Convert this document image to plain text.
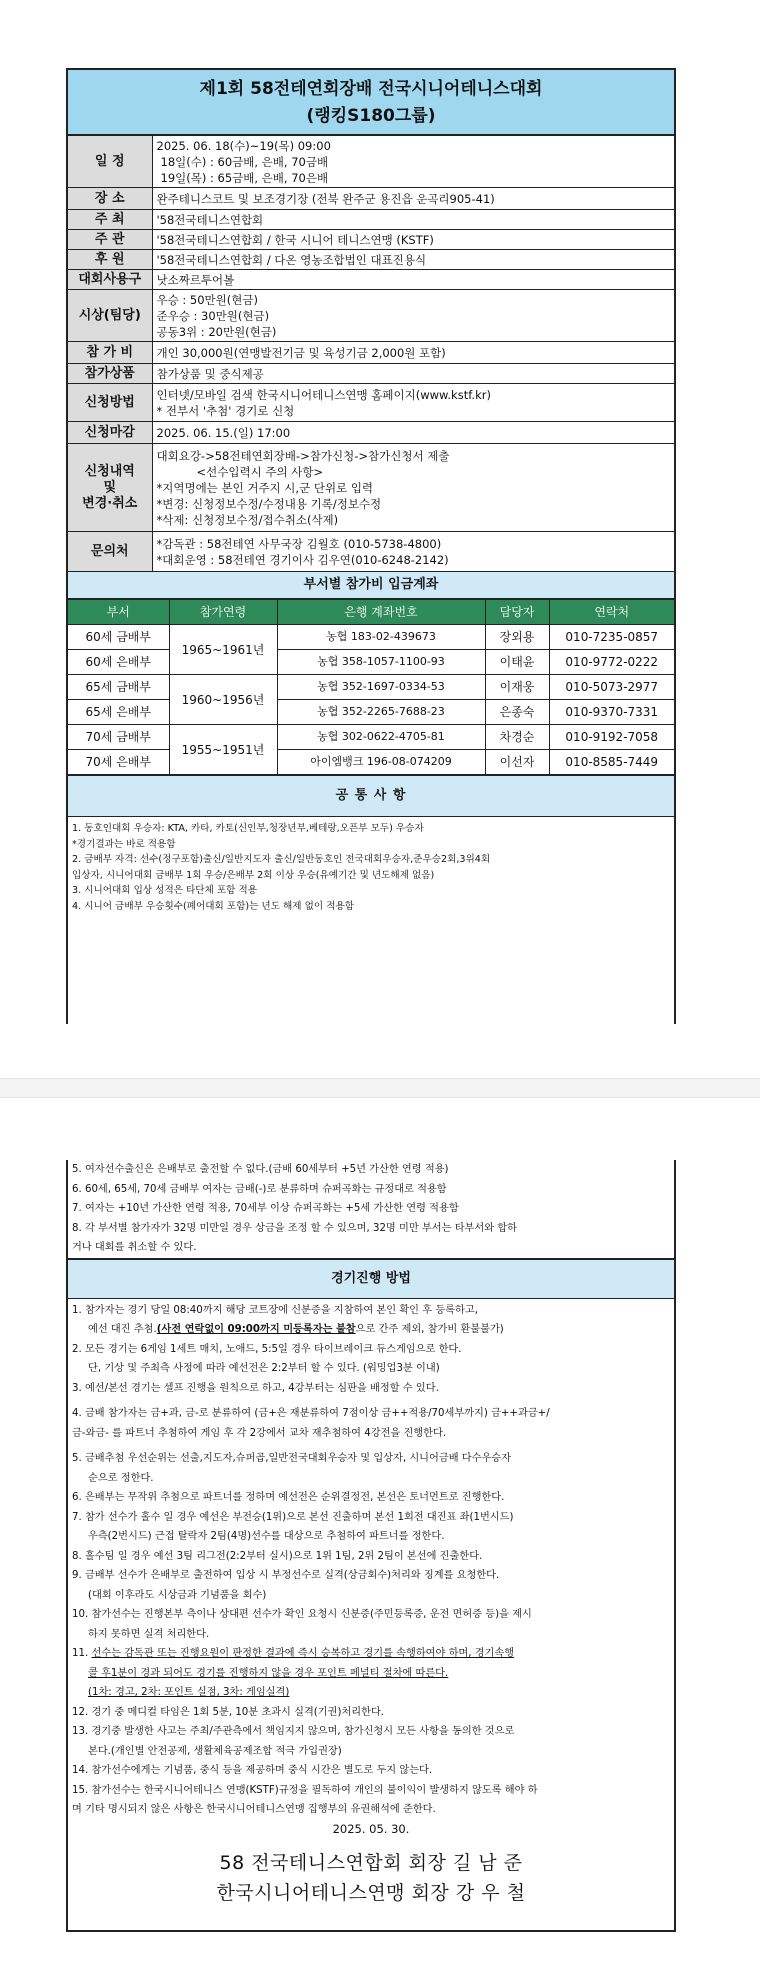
제1회 58전테연회장배 전국시니어테니스대회
(랭킹S180그룹)
일 정	2025. 06. 18(수)~19(목) 09:00
18일(수) : 60금배, 은배, 70금배
19일(목) : 65금배, 은배, 70은배

장 소	완주테니스코트 및 보조경기장 (전북 완주군 용진읍 운곡리905-41)

주 최	'58전국테니스연합회

주 관	'58전국테니스연합회 / 한국 시니어 테니스연맹 (KSTF)

후 원	'58전국테니스연합회 / 다온 영농조합법인 대표진용식

대회사용구	낫소짜르투어볼

시상(팀당)	우승 : 50만원(현금)
준우승 : 30만원(현금)
공동3위 : 20만원(현금)

참 가 비	개인 30,000원(연맹발전기금 및 육성기금 2,000원 포함)

참가상품	참가상품 및 중식제공

신청방법	인터넷/모바일 검색 한국시니어테니스연맹 홈페이지(www.kstf.kr)
* 전부서 '추첨' 경기로 신청

신청마감	2025. 06. 15.(일) 17:00

신청내역
및
변경·취소	대회요강->58전테연회장배->참가신청->참가신청서 제출
<선수입력시 주의 사항>
*지역명에는 본인 거주지 시,군 단위로 입력
*변경: 신청정보수정/수정내용 기록/정보수정
*삭제: 신청정보수정/접수취소(삭제)

문의처	*감독관 : 58전테연 사무국장 김월호 (010-5738-4800)
*대회운영 : 58전테연 경기이사 김우연(010-6248-2142)
부서별 참가비 입금계좌
부서	참가연령	은행 계좌번호	담당자	연락처
60세 금배부	1965~1961년	농협 183-02-439673	장외용	010-7235-0857
60세 은배부		농협 358-1057-1100-93	이태윤	010-9772-0222
65세 금배부	1960~1956년	농협 352-1697-0334-53	이재웅	010-5073-2977
65세 은배부		농협 352-2265-7688-23	은종숙	010-9370-7331
70세 금배부	1955~1951년	농협 302-0622-4705-81	차경순	010-9192-7058
70세 은배부		아이엠뱅크 196-08-074209	이선자	010-8585-7449
공 통 사 항
1. 동호인대회 우승자: KTA, 카타, 카토(신인부,청장년부,베테랑,오픈부 모두) 우승자
*경기결과는 바로 적용함
2. 금배부 자격: 선수(정구포함)출신/일반지도자 출신/일반동호인 전국대회우승자,준우승2회,3위4회
입상자, 시니어대회 금배부 1회 우승/은배부 2회 이상 우승(유예기간 및 년도해제 없음)
3. 시니어대회 입상 성적은 타단체 포함 적용
4. 시니어 금배부 우승횟수(폐어대회 포함)는 년도 해제 없이 적용함
5. 여자선수출신은 은배부로 출전할 수 없다.(금배 60세부터 +5년 가산한 연령 적용)
6. 60세, 65세, 70세 금배부 여자는 금배(-)로 분류하며 슈퍼곡화는 규정대로 적용함
7. 여자는 +10년 가산한 연령 적용, 70세부 이상 슈퍼곡화는 +5세 가산한 연령 적용함
8. 각 부서별 참가자가 32명 미만일 경우 상금을 조정 할 수 있으며, 32명 미만 부서는 타부서와 합하
거나 대회를 취소할 수 있다.
경기진행 방법
1. 참가자는 경기 당일 08:40까지 해당 코트장에 신분증을 지참하여 본인 확인 후 등록하고,
예선 대진 추첨.(사전 연락없이 09:00까지 미등록자는 불참으로 간주 제외, 참가비 환불불가)
2. 모든 경기는 6게임 1세트 매치, 노애드, 5:5일 경우 타이브레이크 듀스게임으로 한다.
단, 기상 및 주최측 사정에 따라 예선전은 2:2부터 할 수 있다. (워밍업3분 이내)
3. 예선/본선 경기는 셀프 진행을 원칙으로 하고, 4강부터는 심판을 배정할 수 있다.
4. 금배 참가자는 금+과, 금-로 분류하여 (금+은 재분류하여 7점이상 금++적용/70세부까지) 금++과금+/
금-와금- 를 파트너 추첨하여 게임 후 각 2강에서 교차 재추첨하여 4강전을 진행한다.
5. 금배추첨 우선순위는 선출,지도자,슈퍼곱,일반전국대회우승자 및 입상자, 시니어금배 다수우승자
순으로 정한다.
6. 은배부는 무작위 추첨으로 파트너를 정하며 예선전은 순위결정전, 본선은 토너먼트로 진행한다.
7. 참가 선수가 홀수 일 경우 예선은 부전승(1위)으로 본선 진출하며 본선 1회전 대진표 좌(1번시드)
우측(2번시드) 근접 탈락자 2팀(4명)선수를 대상으로 추첨하여 파트너를 정한다.
8. 홀수팀 일 경우 예선 3팀 리그전(2:2부터 실시)으로 1위 1팀, 2위 2팀이 본선에 진출한다.
9. 금배부 선수가 은배부로 출전하여 입상 시 부정선수로 실격(상금회수)처리와 징계를 요청한다.
(대회 이후라도 시상금과 기념품을 회수)
10. 참가선수는 진행본부 측이나 상대편 선수가 확인 요청시 신분증(주민등록증, 운전 면허증 등)을 제시
하지 못하면 실격 처리한다.
11. 선수는 감독관 또는 진행요원이 판정한 결과에 즉시 승복하고 경기를 속행하여야 하며, 경기속행
콜 후1분이 경과 되어도 경기를 진행하지 않을 경우 포인트 페널티 절차에 따른다.
(1차: 경고, 2차: 포인트 실점, 3차: 게임실격)
12. 경기 중 메디컬 타임은 1회 5분, 10분 초과시 실격(기권)처리한다.
13. 경기중 발생한 사고는 주최/주관측에서 책임지지 않으며, 참가신청시 모든 사항을 동의한 것으로
본다.(개인별 안전공제, 생활체육공제조합 적극 가입권장)
14. 참가선수에게는 기념품, 중식 등을 제공하며 중식 시간은 별도로 두지 않는다.
15. 참가선수는 한국시니어테니스 연맹(KSTF)규정을 필독하여 개인의 불이익이 발생하지 않도록 해야 하
며 기타 명시되지 않은 사항은 한국시니어테니스연맹 집행부의 유권해석에 준한다.
2025. 05. 30.
58 전국테니스연합회 회장 길 남 준
한국시니어테니스연맹 회장 강 우 철
